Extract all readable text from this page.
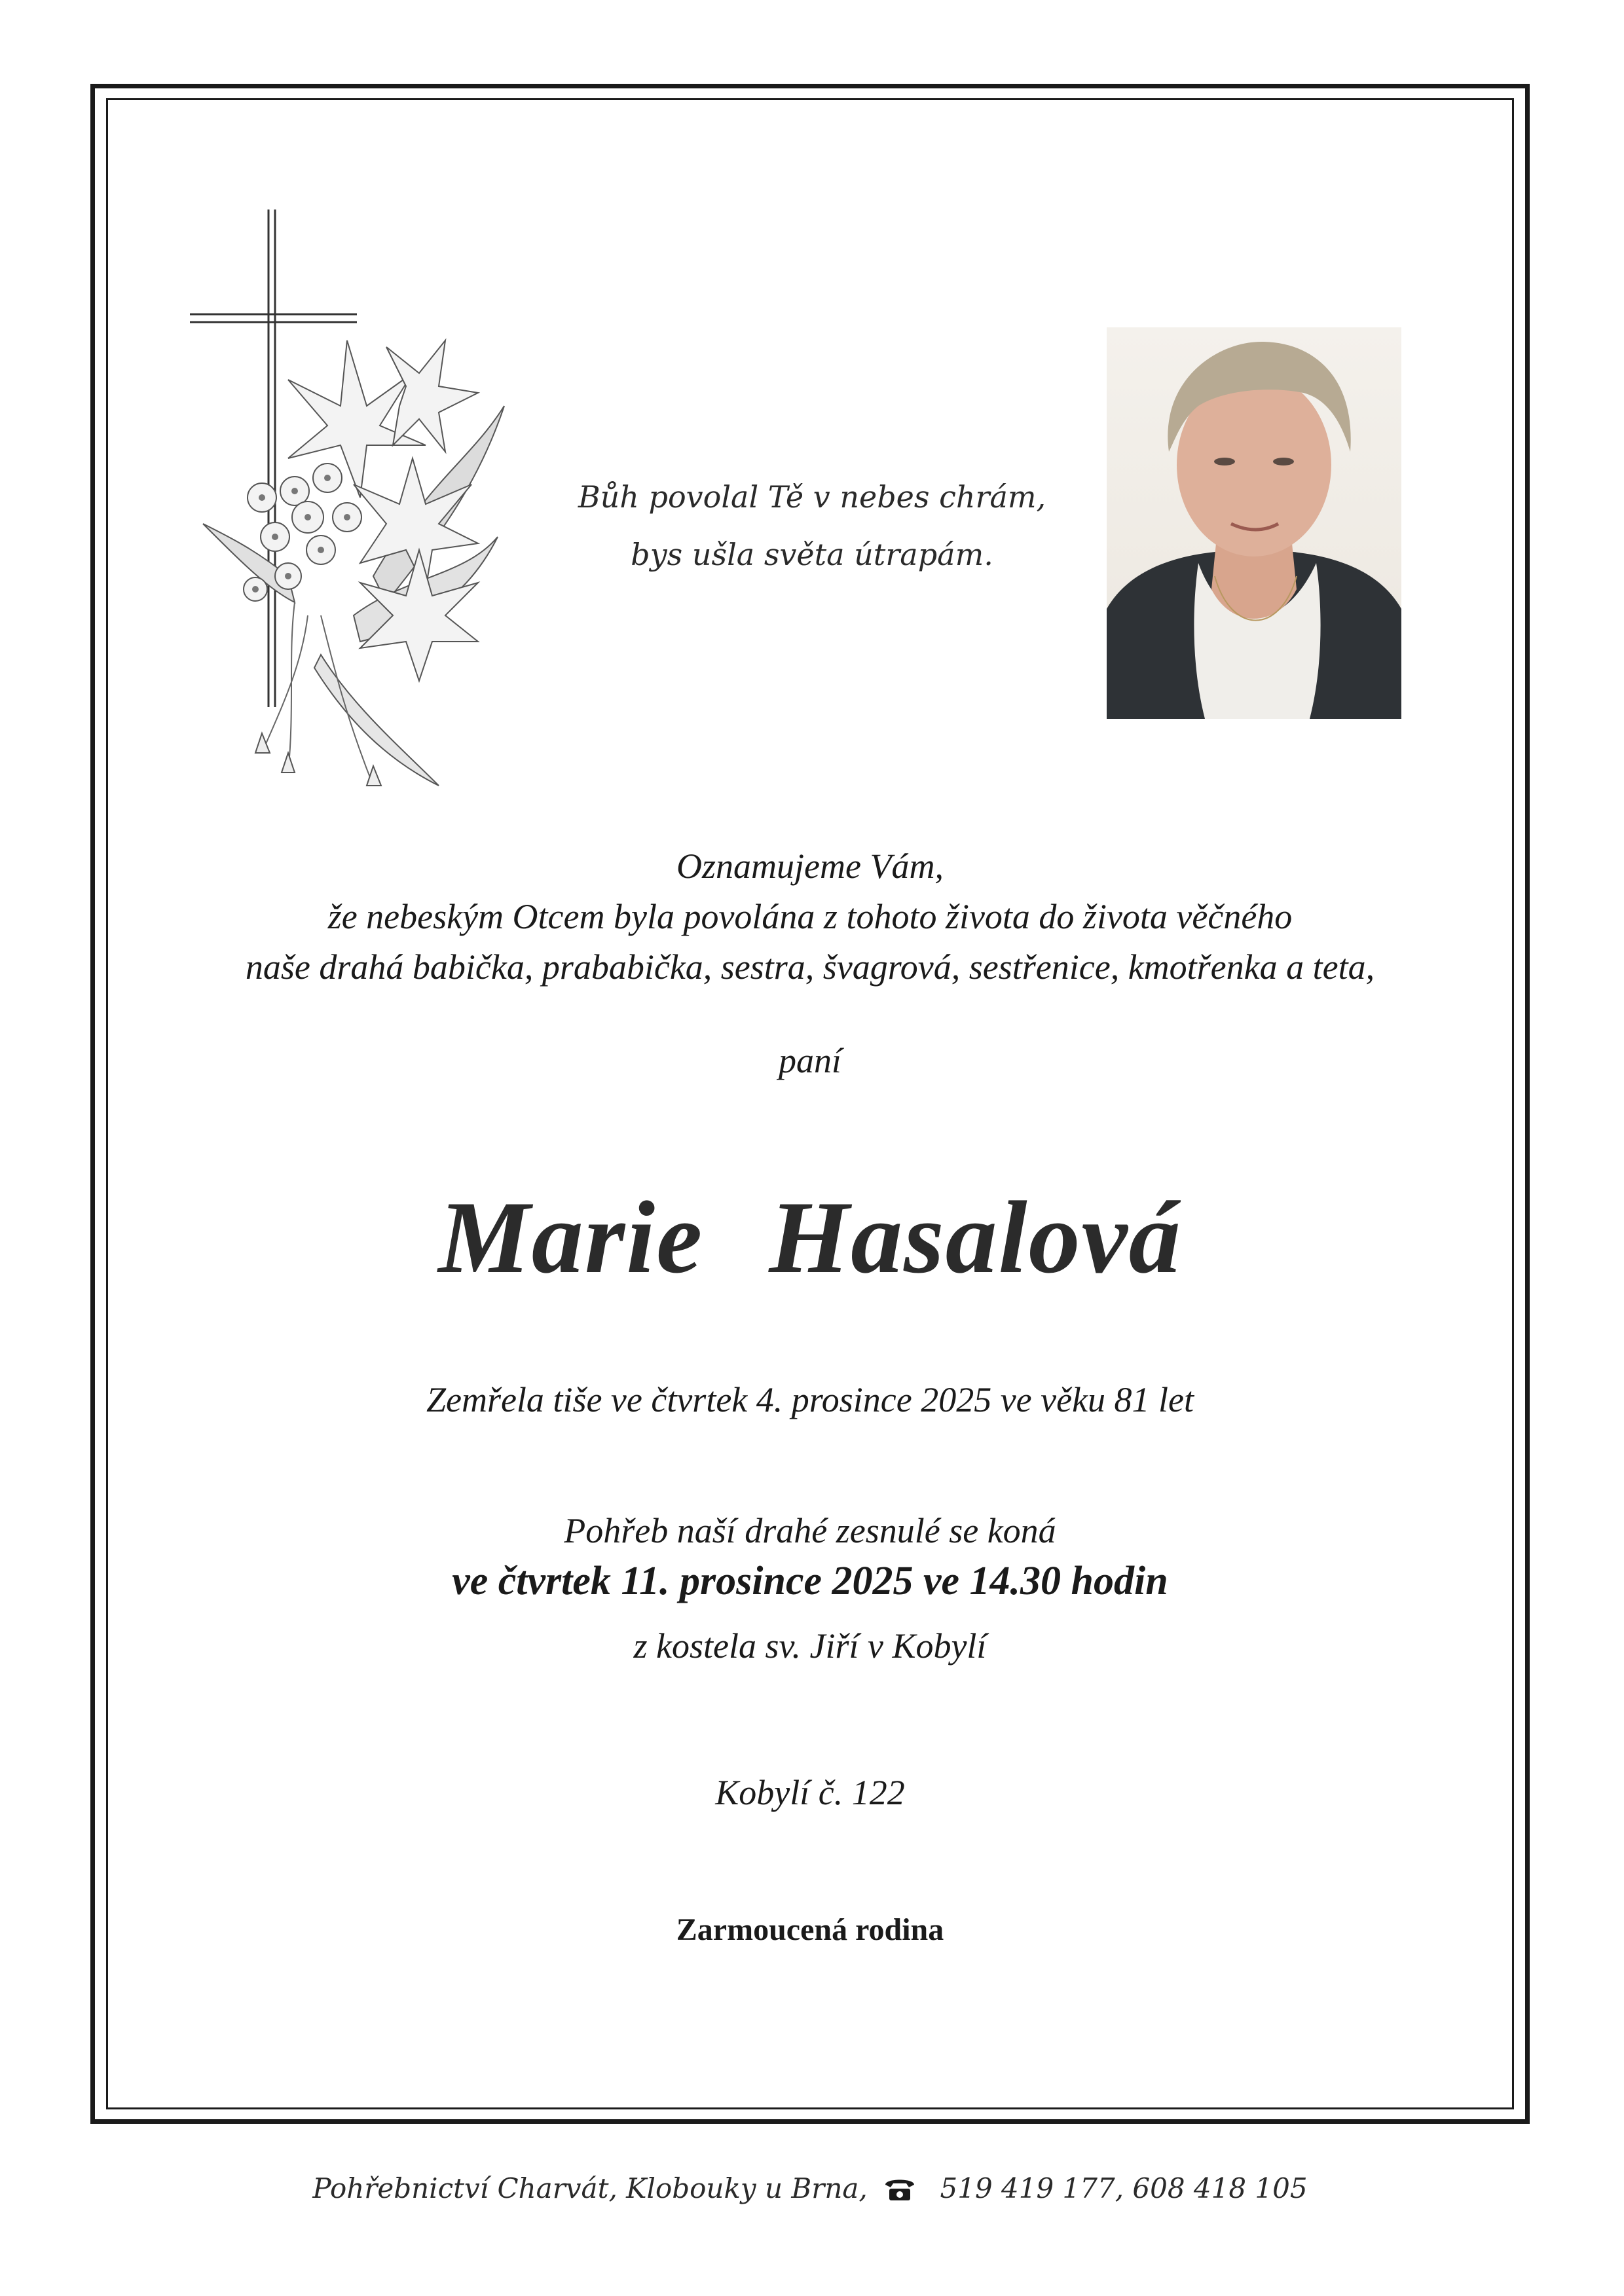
Bůh povolal Tě v nebes chrám,
bys ušla světa útrapám.
Oznamujeme Vám,
že nebeským Otcem byla povolána z tohoto života do života věčného
naše drahá babička, prababička, sestra, švagrová, sestřenice, kmotřenka a teta,
paní
Marie Hasalová
Zemřela tiše ve čtvrtek 4. prosince 2025 ve věku 81 let
Pohřeb naší drahé zesnulé se koná
ve čtvrtek 11. prosince 2025 ve 14.30 hodin
z kostela sv. Jiří v Kobylí
Kobylí č. 122
Zarmoucená rodina
Pohřebnictví Charvát, Klobouky u Brna,	519 419 177, 608 418 105
